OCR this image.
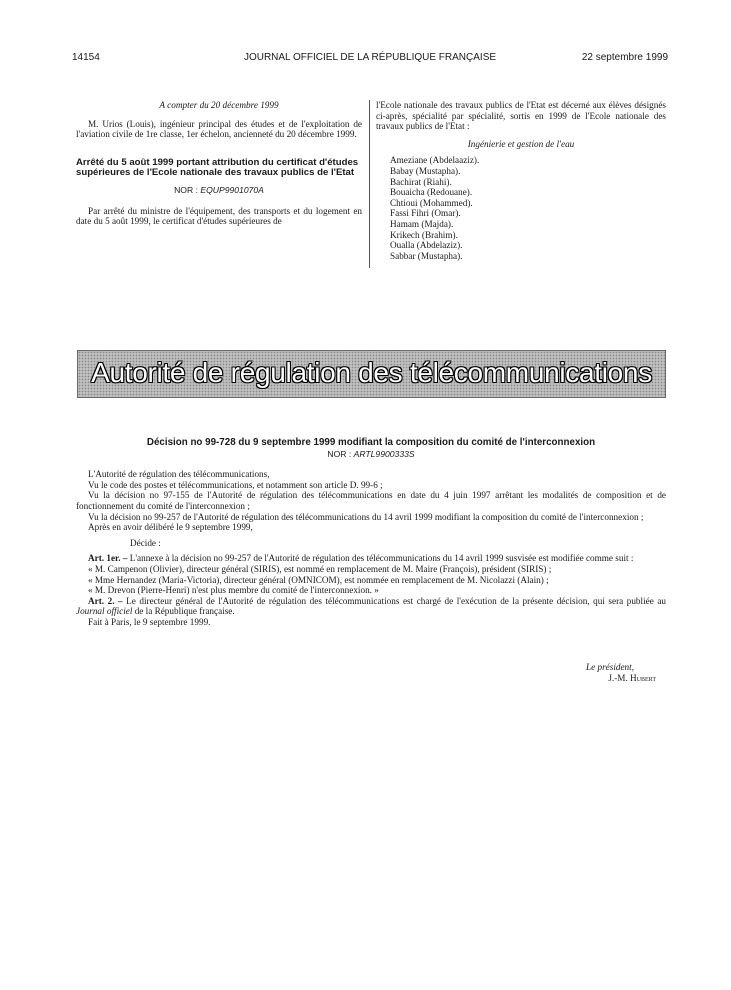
14154	JOURNAL OFFICIEL DE LA RÉPUBLIQUE FRANÇAISE	22 septembre 1999
A compter du 20 décembre 1999
M. Urios (Louis), ingénieur principal des études et de l'exploitation de l'aviation civile de 1re classe, 1er échelon, ancienneté du 20 décembre 1999.
Arrêté du 5 août 1999 portant attribution du certificat d'études supérieures de l'Ecole nationale des travaux publics de l'Etat
NOR : EQUP9901070A
Par arrêté du ministre de l'équipement, des transports et du logement en date du 5 août 1999, le certificat d'études supérieures de
l'Ecole nationale des travaux publics de l'Etat est décerné aux élèves désignés ci-après, spécialité par spécialité, sortis en 1999 de l'Ecole nationale des travaux publics de l'Etat :
Ingénierie et gestion de l'eau
Ameziane (Abdelaaziz).
Babay (Mustapha).
Bachirat (Riahi).
Bouaicha (Redouane).
Chtioui (Mohammed).
Fassi Fihri (Omar).
Hamam (Majda).
Krikech (Brahim).
Oualla (Abdelaziz).
Sabbar (Mustapha).
Autorité de régulation des télécommunications
Décision no 99-728 du 9 septembre 1999 modifiant la composition du comité de l'interconnexion
NOR : ARTL9900333S

L'Autorité de régulation des télécommunications,

Vu le code des postes et télécommunications, et notamment son article D. 99-6 ;

Vu la décision no 97-155 de l'Autorité de régulation des télécommunications en date du 4 juin 1997 arrêtant les modalités de composition et de fonctionnement du comité de l'interconnexion ;

Vu la décision no 99-257 de l'Autorité de régulation des télécommunications du 14 avril 1999 modifiant la composition du comité de l'interconnexion ;

Après en avoir délibéré le 9 septembre 1999,

Décide :

Art. 1er. – L'annexe à la décision no 99-257 de l'Autorité de régulation des télécommunications du 14 avril 1999 susvisée est modifiée comme suit :

« M. Campenon (Olivier), directeur général (SIRIS), est nommé en remplacement de M. Maire (François), président (SIRIS) ;

« Mme Hernandez (Maria-Victoria), directeur général (OMNICOM), est nommée en remplacement de M. Nicolazzi (Alain) ;

« M. Drevon (Pierre-Henri) n'est plus membre du comité de l'interconnexion. »

Art. 2. – Le directeur général de l'Autorité de régulation des télécommunications est chargé de l'exécution de la présente décision, qui sera publiée au Journal officiel de la République française.

Fait à Paris, le 9 septembre 1999.

Le président,
J.-M. Hubert
